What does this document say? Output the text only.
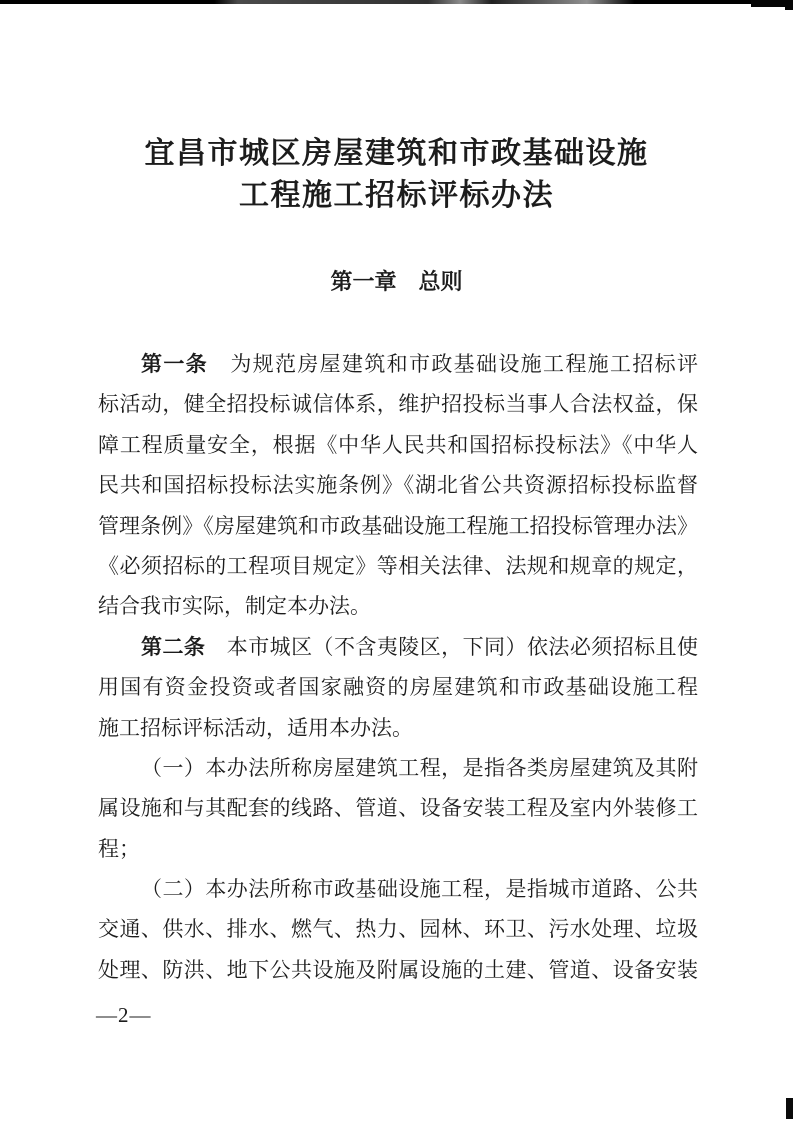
宜昌市城区房屋建筑和市政基础设施
工程施工招标评标办法
第一章　总则
第一条　 为规范房屋建筑和市政基础设施工程施工招标评
标活动，健全招投标诚信体系，维护招投标当事人合法权益，保
障工程质量安全，根据《中华人民共和国招标投标法》《中华人
民共和国招标投标法实施条例》《湖北省公共资源招标投标监督
管理条例》《房屋建筑和市政基础设施工程施工招投标管理办法》
《必须招标的工程项目规定》等相关法律、法规和规章的规定，
结合我市实际，制定本办法。
第二条　 本市城区（不含夷陵区，下同）依法必须招标且使
用国有资金投资或者国家融资的房屋建筑和市政基础设施工程
施工招标评标活动，适用本办法。
（一）本办法所称房屋建筑工程，是指各类房屋建筑及其附
属设施和与其配套的线路、管道、设备安装工程及室内外装修工
程；
（二）本办法所称市政基础设施工程，是指城市道路、公共
交通、供水、排水、燃气、热力、园林、环卫、污水处理、垃圾
处理、防洪、地下公共设施及附属设施的土建、管道、设备安装
—2—
